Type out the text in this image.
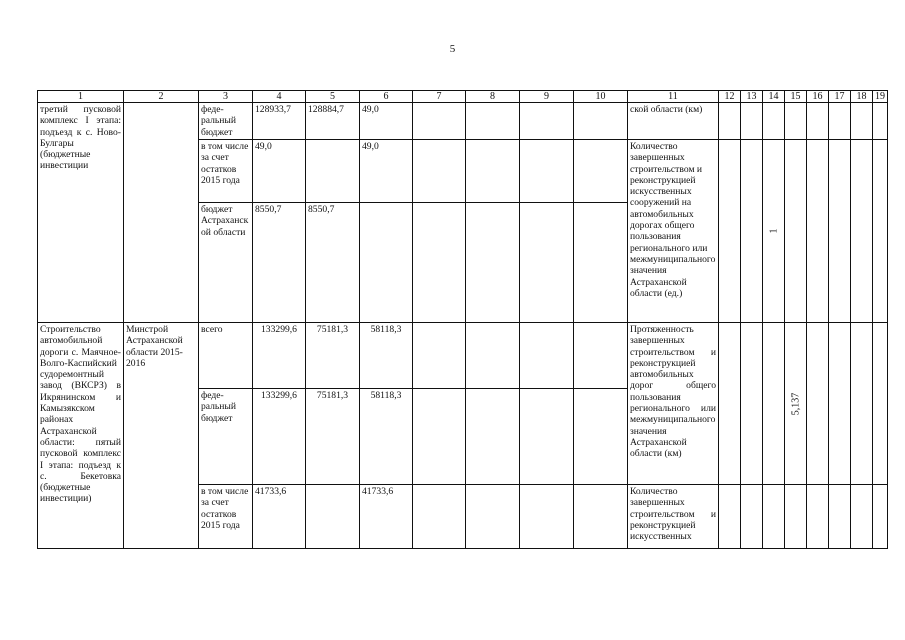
5
1	2	3	4	5	6	7	8	9	10	11	12	13	14	15	16	17	18	19
третий пусковой комплекс I этапа: подъезд к с. Ново-Булгары (бюджетные инвестиции		феде-ральный бюджет	128933,7	128884,7	49,0					ской области (км)								
		в том числе за счет остатков 2015 года	49,0		49,0					Количество завершенных строительством и реконструкцией искусственных сооружений на автомобильных дорогах общего пользования регионального или межмуниципального значения Астраханской области (ед.)			1					

		бюджет Астраханской области	8550,7	8550,7														
Строительство автомобильной дороги с. Маячное-Волго-Каспийский судоремонтный завод (ВКСРЗ) в Икрянинском и Камызякском районах Астраханской области: пятый пусковой комплекс I этапа: подъезд к с. Бекетовка (бюджетные инвестиции)	Минстрой Астраханской области 2015-2016	всего	133299,6	75181,3	58118,3					Протяженность завершенных строительством и реконструкцией автомобильных дорог общего пользования регионального или межмуниципального значения Астраханской области (км)				5,137				

		феде-ральный бюджет	133299,6	75181,3	58118,3													
		в том числе за счет остатков 2015 года	41733,6		41733,6					Количество завершенных строительством и реконструкцией искусственных								
